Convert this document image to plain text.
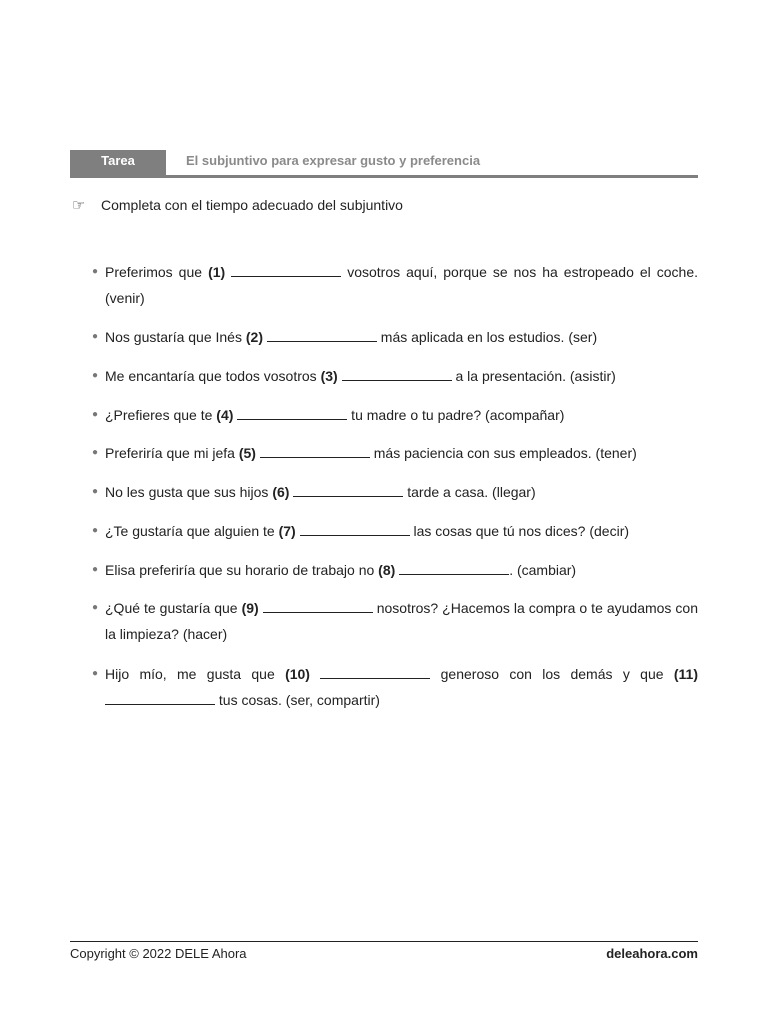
Tarea	El subjuntivo para expresar gusto y preferencia
☞ Completa con el tiempo adecuado del subjuntivo
● Preferimos que (1)	vosotros aquí, porque se nos ha estropeado el coche. (venir)
● Nos gustaría que Inés (2)	más aplicada en los estudios. (ser)
● Me encantaría que todos vosotros (3)	a la presentación. (asistir)
● ¿Prefieres que te (4)	tu madre o tu padre? (acompañar)
● Preferiría que mi jefa (5)	más paciencia con sus empleados. (tener)
● No les gusta que sus hijos (6)	tarde a casa. (llegar)
● ¿Te gustaría que alguien te (7)	las cosas que tú nos dices? (decir)
● Elisa preferiría que su horario de trabajo no (8)	. (cambiar)
● ¿Qué te gustaría que (9)	nosotros? ¿Hacemos la compra o te ayudamos con la limpieza? (hacer)
● Hijo mío, me gusta que (10)	generoso con los demás y que (11)  tus cosas. (ser, compartir)
Copyright © 2022 DELE Ahora	deleahora.com
